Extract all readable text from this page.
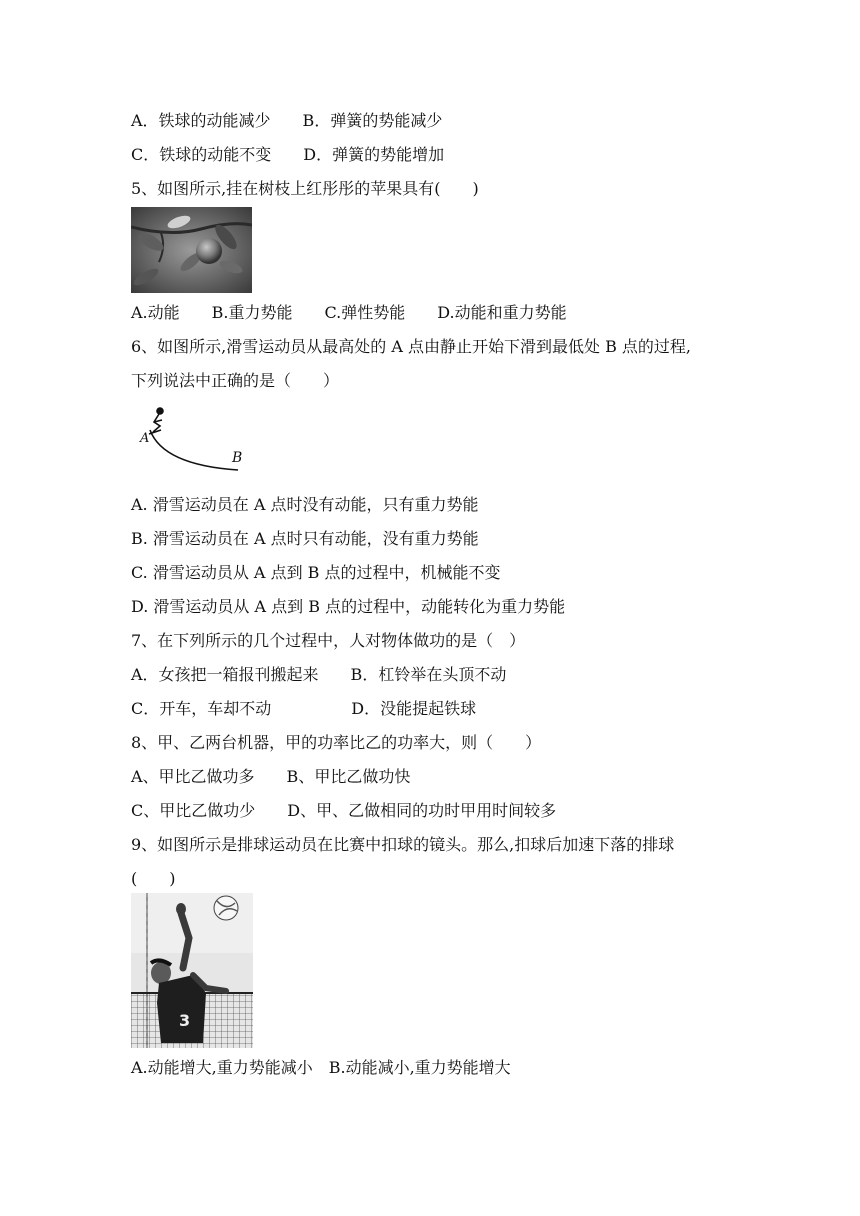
A．铁球的动能减少　　B．弹簧的势能减少
C．铁球的动能不变　　D．弹簧的势能增加
5、如图所示,挂在树枝上红彤彤的苹果具有(　　)
A.动能　　B.重力势能　　C.弹性势能　　D.动能和重力势能
6、如图所示,滑雪运动员从最高处的 A 点由静止开始下滑到最低处 B 点的过程,
下列说法中正确的是（　　）
A
B
A. 滑雪运动员在 A 点时没有动能，只有重力势能
B. 滑雪运动员在 A 点时只有动能，没有重力势能
C. 滑雪运动员从 A 点到 B 点的过程中，机械能不变
D. 滑雪运动员从 A 点到 B 点的过程中，动能转化为重力势能
7、在下列所示的几个过程中，人对物体做功的是（　）
A．女孩把一箱报刊搬起来　　B．杠铃举在头顶不动
C．开车，车却不动　　　　　D．没能提起铁球
8、甲、乙两台机器，甲的功率比乙的功率大，则（　　）
A、甲比乙做功多　　B、甲比乙做功快
C、甲比乙做功少　　D、甲、乙做相同的功时甲用时间较多
9、如图所示是排球运动员在比赛中扣球的镜头。那么,扣球后加速下落的排球
(　　)
3
A.动能增大,重力势能减小　B.动能减小,重力势能增大
